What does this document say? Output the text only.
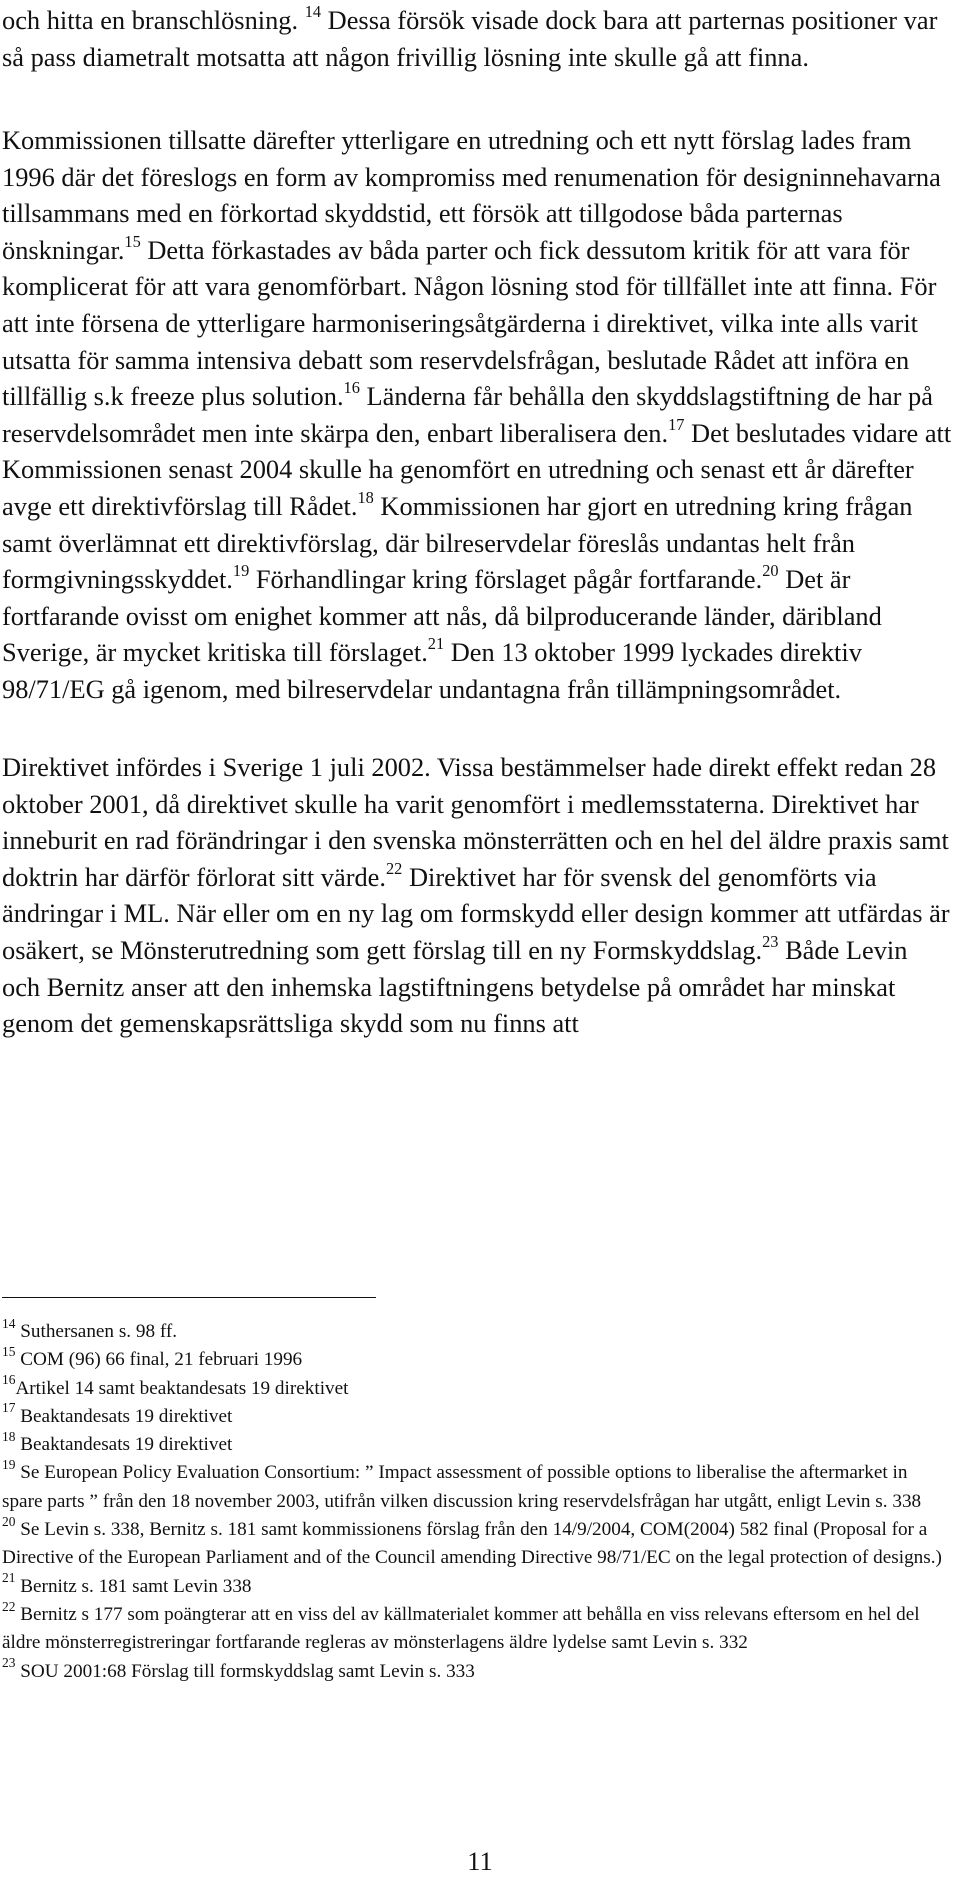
och hitta en branschlösning. $^{14}$ Dessa försök visade dock bara att parternas positioner var så pass diametralt motsatta att någon frivillig lösning inte skulle gå att finna.

Kommissionen tillsatte därefter ytterligare en utredning och ett nytt förslag lades fram 1996 där det föreslogs en form av kompromiss med renumenation för designinnehavarna tillsammans med en förkortad skyddstid, ett försök att tillgodose båda parternas önskningar.$^{15}$ Detta förkastades av båda parter och fick dessutom kritik för att vara för komplicerat för att vara genomförbart. Någon lösning stod för tillfället inte att finna. För att inte försena de ytterligare harmoniseringsåtgärderna i direktivet, vilka inte alls varit utsatta för samma intensiva debatt som reservdelsfrågan, beslutade Rådet att införa en tillfällig s.k freeze plus solution.$^{16}$ Länderna får behålla den skyddslagstiftning de har på reservdelsområdet men inte skärpa den, enbart liberalisera den.$^{17}$ Det beslutades vidare att Kommissionen senast 2004 skulle ha genomfört en utredning och senast ett år därefter avge ett direktivförslag till Rådet.$^{18}$ Kommissionen har gjort en utredning kring frågan samt överlämnat ett direktivförslag, där bilreservdelar föreslås undantas helt från formgivningsskyddet.$^{19}$ Förhandlingar kring förslaget pågår fortfarande.$^{20}$ Det är fortfarande ovisst om enighet kommer att nås, då bilproducerande länder, däribland Sverige, är mycket kritiska till förslaget.$^{21}$ Den 13 oktober 1999 lyckades direktiv 98/71/EG gå igenom, med bilreservdelar undantagna från tillämpningsområdet.

Direktivet infördes i Sverige 1 juli 2002. Vissa bestämmelser hade direkt effekt redan 28 oktober 2001, då direktivet skulle ha varit genomfört i medlemsstaterna. Direktivet har inneburit en rad förändringar i den svenska mönsterrätten och en hel del äldre praxis samt doktrin har därför förlorat sitt värde.$^{22}$ Direktivet har för svensk del genomförts via ändringar i ML. När eller om en ny lag om formskydd eller design kommer att utfärdas är osäkert, se Mönsterutredning som gett förslag till en ny Formskyddslag.$^{23}$ Både Levin och Bernitz anser att den inhemska lagstiftningens betydelse på området har minskat genom det gemenskapsrättsliga skydd som nu finns att

$^{14}$ Suthersanen s. 98 ff.

$^{15}$ COM (96) 66 final, 21 februari 1996

$^{16}$Artikel 14 samt beaktandesats 19 direktivet

$^{17}$ Beaktandesats 19 direktivet

$^{18}$ Beaktandesats 19 direktivet

$^{19}$ Se European Policy Evaluation Consortium: ” Impact assessment of possible options to liberalise the aftermarket in spare parts ” från den 18 november 2003, utifrån vilken discussion kring reservdelsfrågan har utgått, enligt Levin s. 338

$^{20}$ Se Levin s. 338, Bernitz s. 181 samt kommissionens förslag från den 14/9/2004, COM(2004) 582 final (Proposal for a Directive of the European Parliament and of the Council amending Directive 98/71/EC on the legal protection of designs.)

$^{21}$ Bernitz s. 181 samt Levin 338

$^{22}$ Bernitz s 177 som poängterar att en viss del av källmaterialet kommer att behålla en viss relevans eftersom en hel del äldre mönsterregistreringar fortfarande regleras av mönsterlagens äldre lydelse samt Levin s. 332

$^{23}$ SOU 2001:68 Förslag till formskyddslag samt Levin s. 333

11
